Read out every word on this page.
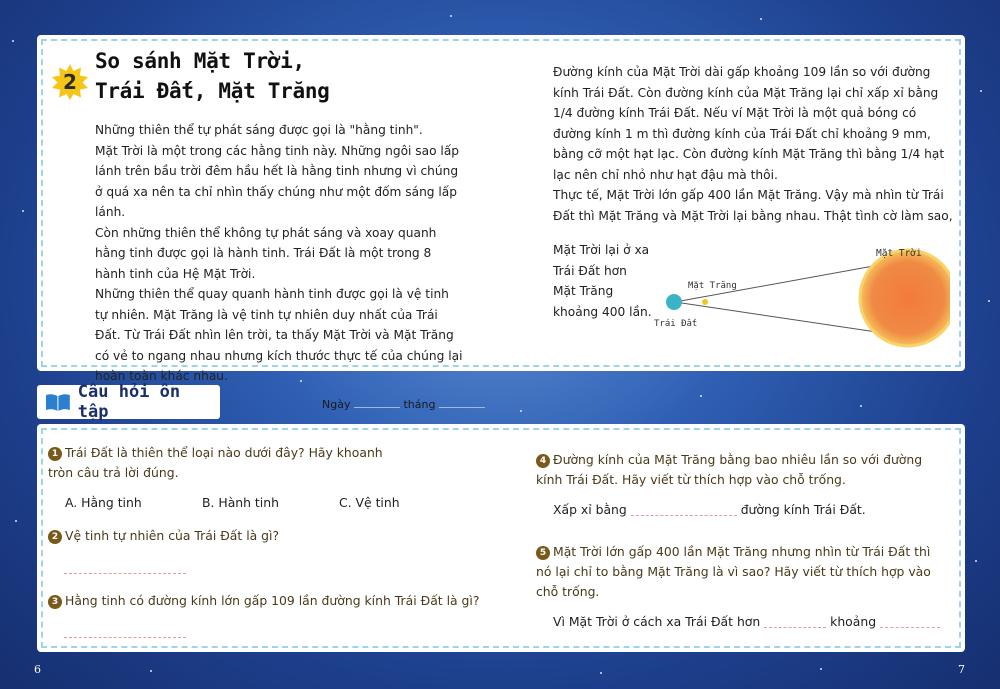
2
So sánh Mặt Trời,
Trái Đất, Mặt Trăng

Những thiên thể tự phát sáng được gọi là "hằng tinh".

Mặt Trời là một trong các hằng tinh này. Những ngôi sao lấp lánh trên bầu trời đêm hầu hết là hằng tinh nhưng vì chúng ở quá xa nên ta chỉ nhìn thấy chúng như một đốm sáng lấp lánh.

Còn những thiên thể không tự phát sáng và xoay quanh hằng tinh được gọi là hành tinh. Trái Đất là một trong 8 hành tinh của Hệ Mặt Trời.

Những thiên thể quay quanh hành tinh được gọi là vệ tinh tự nhiên. Mặt Trăng là vệ tinh tự nhiên duy nhất của Trái Đất. Từ Trái Đất nhìn lên trời, ta thấy Mặt Trời và Mặt Trăng có vẻ to ngang nhau nhưng kích thước thực tế của chúng lại hoàn toàn khác nhau.

Đường kính của Mặt Trời dài gấp khoảng 109 lần so với đường kính Trái Đất. Còn đường kính của Mặt Trăng lại chỉ xấp xỉ bằng 1/4 đường kính Trái Đất. Nếu ví Mặt Trời là một quả bóng có đường kính 1 m thì đường kính của Trái Đất chỉ khoảng 9 mm, bằng cỡ một hạt lạc. Còn đường kính Mặt Trăng thì bằng 1/4 hạt lạc nên chỉ nhỏ như hạt đậu mà thôi.

Thực tế, Mặt Trời lớn gấp 400 lần Mặt Trăng. Vậy mà nhìn từ Trái Đất thì Mặt Trăng và Mặt Trời lại bằng nhau. Thật tình cờ làm sao,

Mặt Trời lại ở xa Trái Đất hơn Mặt Trăng khoảng 400 lần.
Mặt Trời
Mặt Trăng
Trái Đất
Câu hỏi ôn tập	Ngày	tháng
1 Trái Đất là thiên thể loại nào dưới đây? Hãy khoanh tròn câu trả lời đúng.
A. Hằng tinh	B. Hành tinh	C. Vệ tinh
2 Vệ tinh tự nhiên của Trái Đất là gì?
3 Hằng tinh có đường kính lớn gấp 109 lần đường kính Trái Đất là gì?
4 Đường kính của Mặt Trăng bằng bao nhiêu lần so với đường kính Trái Đất. Hãy viết từ thích hợp vào chỗ trống.
Xấp xỉ bằng	đường kính Trái Đất.
5 Mặt Trời lớn gấp 400 lần Mặt Trăng nhưng nhìn từ Trái Đất thì nó lại chỉ to bằng Mặt Trăng là vì sao? Hãy viết từ thích hợp vào chỗ trống.
Vì Mặt Trời ở cách xa Trái Đất hơn	khoảng
6	7
